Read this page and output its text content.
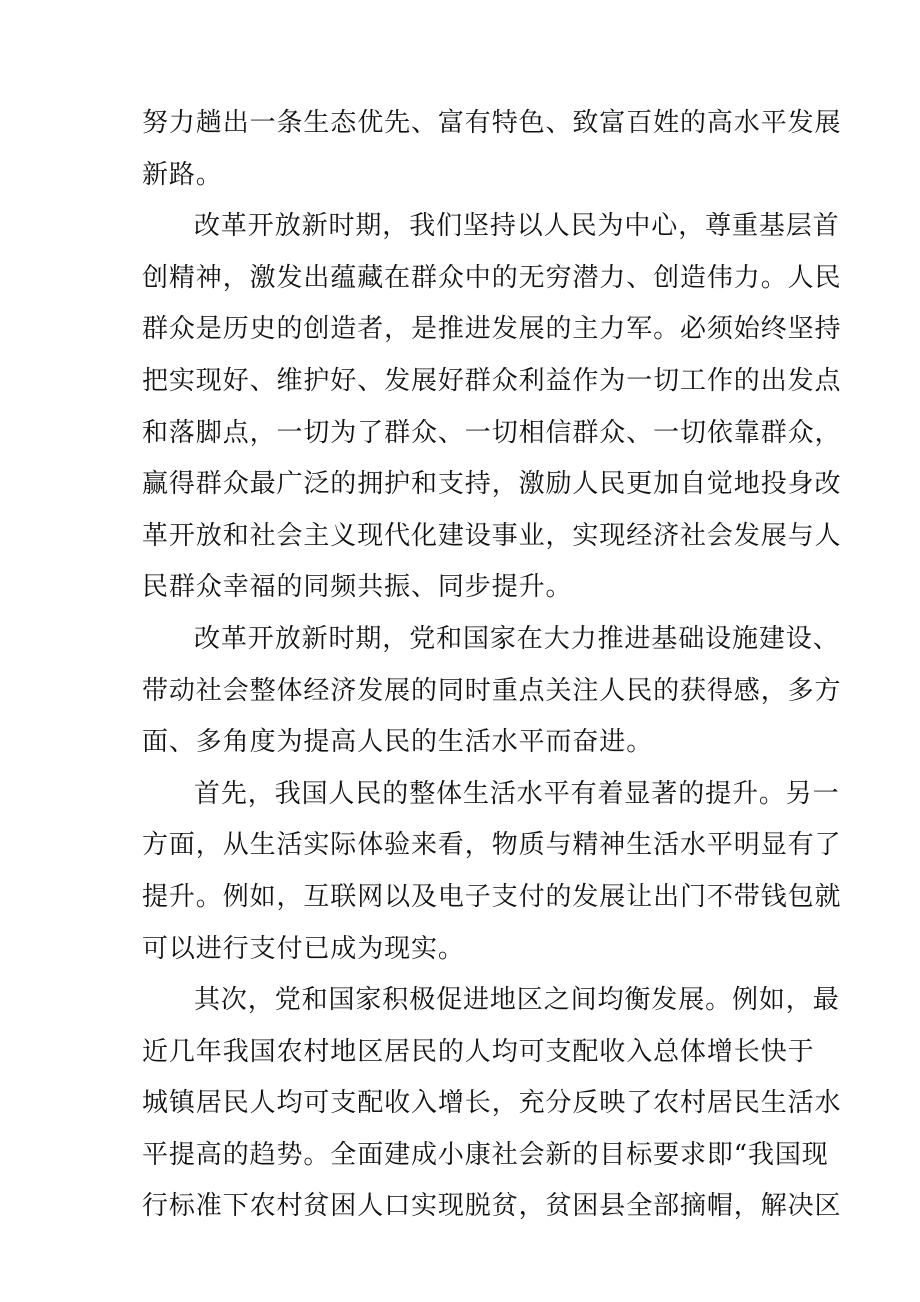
努力趟出一条生态优先、富有特色、致富百姓的高水平发展
新路。
改革开放新时期，我们坚持以人民为中心，尊重基层首
创精神，激发出蕴藏在群众中的无穷潜力、创造伟力。人民
群众是历史的创造者，是推进发展的主力军。必须始终坚持
把实现好、维护好、发展好群众利益作为一切工作的出发点
和落脚点，一切为了群众、一切相信群众、一切依靠群众，
赢得群众最广泛的拥护和支持，激励人民更加自觉地投身改
革开放和社会主义现代化建设事业，实现经济社会发展与人
民群众幸福的同频共振、同步提升。
改革开放新时期，党和国家在大力推进基础设施建设、
带动社会整体经济发展的同时重点关注人民的获得感，多方
面、多角度为提高人民的生活水平而奋进。
首先，我国人民的整体生活水平有着显著的提升。另一
方面，从生活实际体验来看，物质与精神生活水平明显有了
提升。例如，互联网以及电子支付的发展让出门不带钱包就
可以进行支付已成为现实。
其次，党和国家积极促进地区之间均衡发展。例如，最
近几年我国农村地区居民的人均可支配收入总体增长快于
城镇居民人均可支配收入增长，充分反映了农村居民生活水
平提高的趋势。全面建成小康社会新的目标要求即“我国现
行标准下农村贫困人口实现脱贫，贫困县全部摘帽，解决区
